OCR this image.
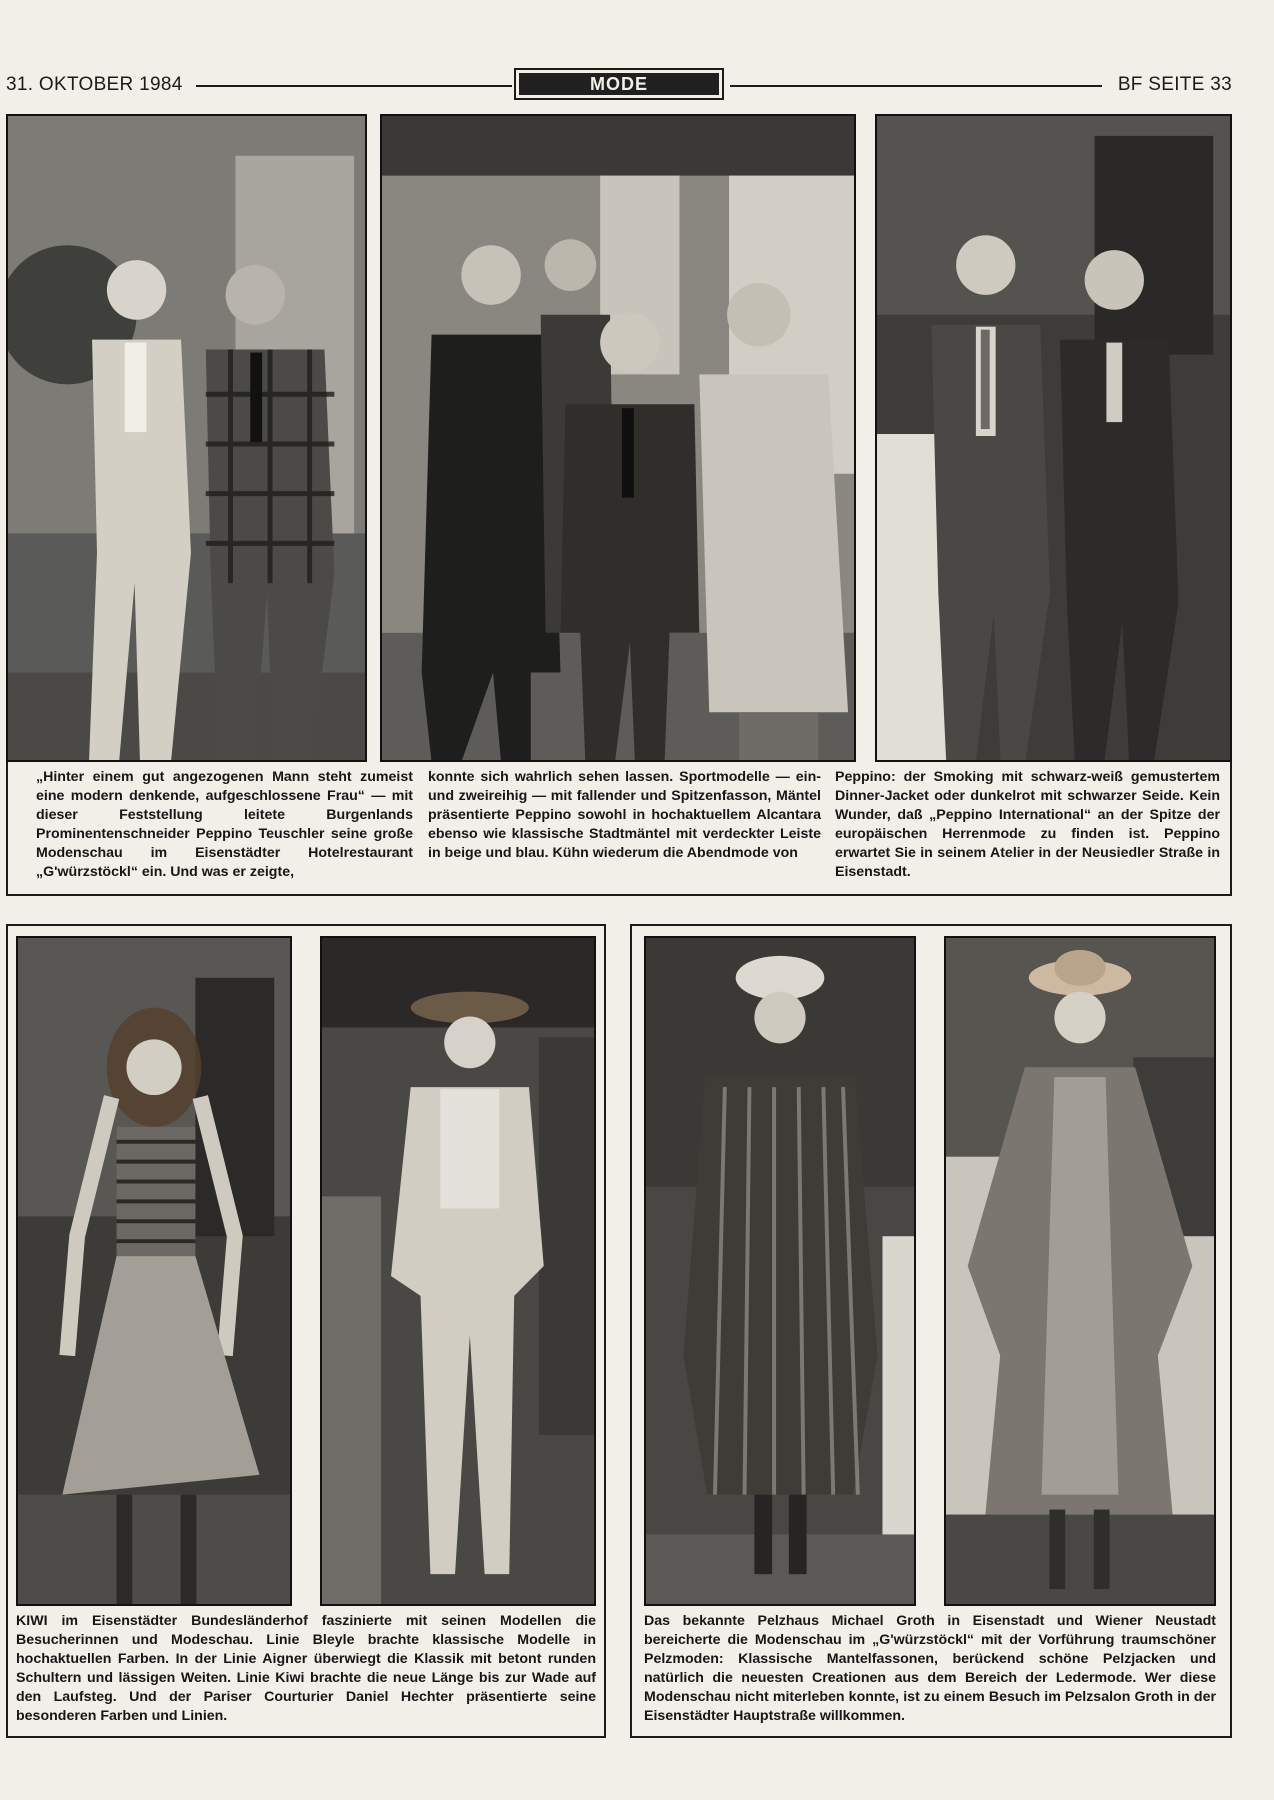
31. OKTOBER 1984	MODE	BF SEITE 33
„Hinter einem gut angezogenen Mann steht zumeist eine modern denkende, aufgeschlossene Frau“ — mit dieser Feststellung leitete Burgenlands Prominentenschneider Peppino Teuschler seine große Modenschau im Eisenstädter Hotelrestaurant „G'würzstöckl“ ein. Und was er zeigte,
konnte sich wahrlich sehen lassen. Sportmodelle — ein- und zweireihig — mit fallender und Spitzenfasson, Mäntel präsentierte Peppino sowohl in hochaktuellem Alcantara ebenso wie klassische Stadtmäntel mit verdeckter Leiste in beige und blau. Kühn wiederum die Abendmode von
Peppino: der Smoking mit schwarz-weiß gemustertem Dinner-Jacket oder dunkelrot mit schwarzer Seide. Kein Wunder, daß „Peppino International“ an der Spitze der europäischen Herrenmode zu finden ist. Peppino erwartet Sie in seinem Atelier in der Neusiedler Straße in Eisenstadt.
KIWI im Eisenstädter Bundesländerhof faszinierte mit seinen Modellen die Besucherinnen und Modeschau. Linie Bleyle brachte klassische Modelle in hochaktuellen Farben. In der Linie Aigner überwiegt die Klassik mit betont runden Schultern und lässigen Weiten. Linie Kiwi brachte die neue Länge bis zur Wade auf den Laufsteg. Und der Pariser Courturier Daniel Hechter präsentierte seine besonderen Farben und Linien.
Das bekannte Pelzhaus Michael Groth in Eisenstadt und Wiener Neustadt bereicherte die Modenschau im „G'würzstöckl“ mit der Vorführung traumschöner Pelzmoden: Klassische Mantelfassonen, berückend schöne Pelzjacken und natürlich die neuesten Creationen aus dem Bereich der Ledermode. Wer diese Modenschau nicht miterleben konnte, ist zu einem Besuch im Pelzsalon Groth in der Eisenstädter Hauptstraße willkommen.
